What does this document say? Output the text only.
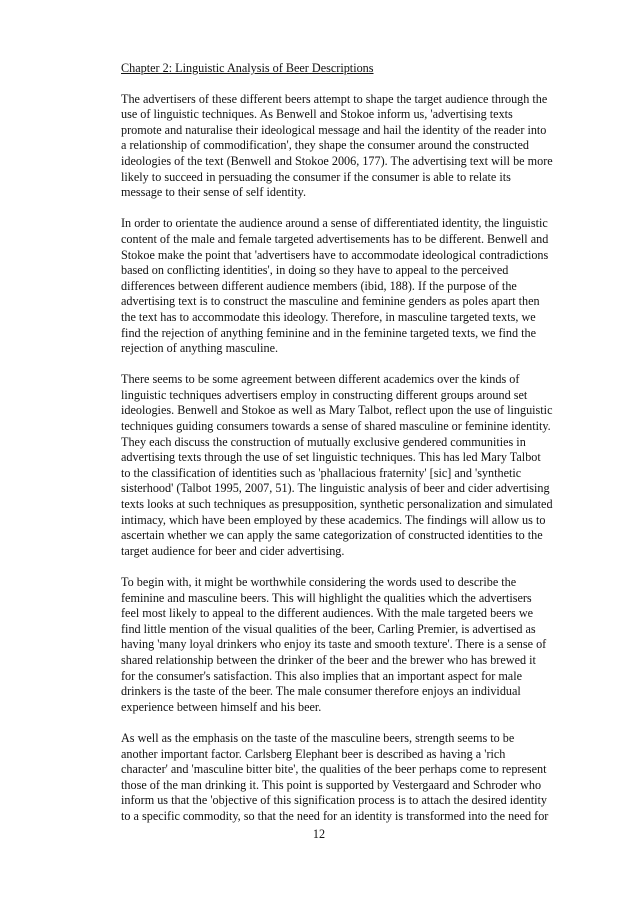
Chapter 2: Linguistic Analysis of Beer Descriptions
The advertisers of these different beers attempt to shape the target audience through the
use of linguistic techniques. As Benwell and Stokoe inform us, 'advertising texts
promote and naturalise their ideological message and hail the identity of the reader into
a relationship of commodification', they shape the consumer around the constructed
ideologies of the text (Benwell and Stokoe 2006, 177). The advertising text will be more
likely to succeed in persuading the consumer if the consumer is able to relate its
message to their sense of self identity.
In order to orientate the audience around a sense of differentiated identity, the linguistic
content of the male and female targeted advertisements has to be different. Benwell and
Stokoe make the point that 'advertisers have to accommodate ideological contradictions
based on conflicting identities', in doing so they have to appeal to the perceived
differences between different audience members (ibid, 188). If the purpose of the
advertising text is to construct the masculine and feminine genders as poles apart then
the text has to accommodate this ideology. Therefore, in masculine targeted texts, we
find the rejection of anything feminine and in the feminine targeted texts, we find the
rejection of anything masculine.
There seems to be some agreement between different academics over the kinds of
linguistic techniques advertisers employ in constructing different groups around set
ideologies. Benwell and Stokoe as well as Mary Talbot, reflect upon the use of linguistic
techniques guiding consumers towards a sense of shared masculine or feminine identity.
They each discuss the construction of mutually exclusive gendered communities in
advertising texts through the use of set linguistic techniques. This has led Mary Talbot
to the classification of identities such as 'phallacious fraternity' [sic] and 'synthetic
sisterhood' (Talbot 1995, 2007, 51). The linguistic analysis of beer and cider advertising
texts looks at such techniques as presupposition, synthetic personalization and simulated
intimacy, which have been employed by these academics. The findings will allow us to
ascertain whether we can apply the same categorization of constructed identities to the
target audience for beer and cider advertising.
To begin with, it might be worthwhile considering the words used to describe the
feminine and masculine beers. This will highlight the qualities which the advertisers
feel most likely to appeal to the different audiences. With the male targeted beers we
find little mention of the visual qualities of the beer, Carling Premier, is advertised as
having 'many loyal drinkers who enjoy its taste and smooth texture'. There is a sense of
shared relationship between the drinker of the beer and the brewer who has brewed it
for the consumer's satisfaction. This also implies that an important aspect for male
drinkers is the taste of the beer. The male consumer therefore enjoys an individual
experience between himself and his beer.
As well as the emphasis on the taste of the masculine beers, strength seems to be
another important factor. Carlsberg Elephant beer is described as having a 'rich
character' and 'masculine bitter bite', the qualities of the beer perhaps come to represent
those of the man drinking it. This point is supported by Vestergaard and Schroder who
inform us that the 'objective of this signification process is to attach the desired identity
to a specific commodity, so that the need for an identity is transformed into the need for
12
